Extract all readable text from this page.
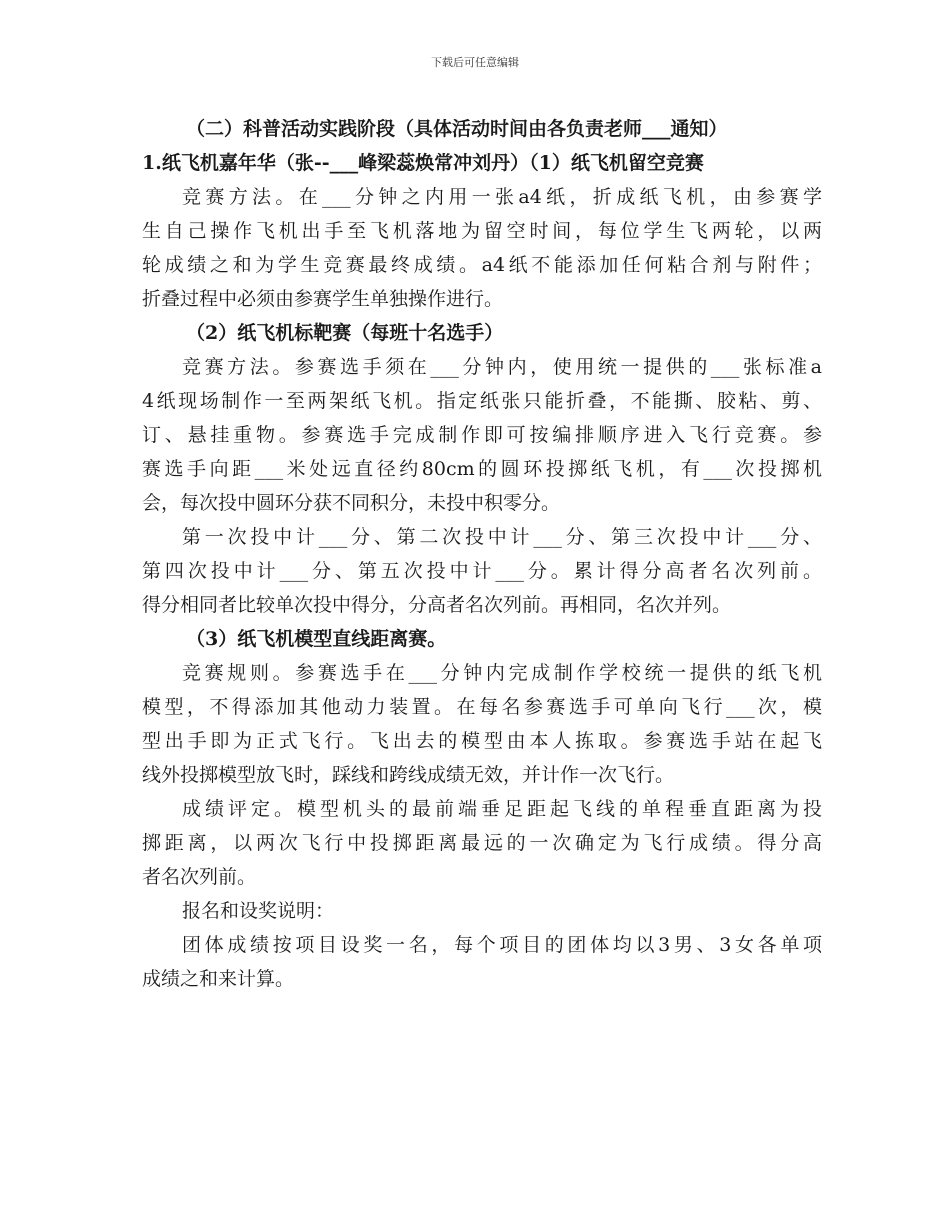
下载后可任意编辑
（二）科普活动实践阶段（具体活动时间由各负责老师___通知）
1.纸飞机嘉年华（张--___峰梁蕊焕常冲刘丹）（1）纸飞机留空竞赛
竞赛方法。在___分钟之内用一张a4纸，折成纸飞机，由参赛学
生自己操作飞机出手至飞机落地为留空时间，每位学生飞两轮，以两
轮成绩之和为学生竞赛最终成绩。a4纸不能添加任何粘合剂与附件；
折叠过程中必须由参赛学生单独操作进行。
（2）纸飞机标靶赛（每班十名选手）
竞赛方法。参赛选手须在___分钟内，使用统一提供的___张标准a
4纸现场制作一至两架纸飞机。指定纸张只能折叠，不能撕、胶粘、剪、
订、悬挂重物。参赛选手完成制作即可按编排顺序进入飞行竞赛。参
赛选手向距___米处远直径约80cm的圆环投掷纸飞机，有___次投掷机
会，每次投中圆环分获不同积分，未投中积零分。
第一次投中计___分、第二次投中计___分、第三次投中计___分、
第四次投中计___分、第五次投中计___分。累计得分高者名次列前。
得分相同者比较单次投中得分，分高者名次列前。再相同，名次并列。
（3）纸飞机模型直线距离赛。
竞赛规则。参赛选手在___分钟内完成制作学校统一提供的纸飞机
模型，不得添加其他动力装置。在每名参赛选手可单向飞行___次，模
型出手即为正式飞行。飞出去的模型由本人拣取。参赛选手站在起飞
线外投掷模型放飞时，踩线和跨线成绩无效，并计作一次飞行。
成绩评定。模型机头的最前端垂足距起飞线的单程垂直距离为投
掷距离，以两次飞行中投掷距离最远的一次确定为飞行成绩。得分高
者名次列前。
报名和设奖说明：
团体成绩按项目设奖一名，每个项目的团体均以3男、3女各单项
成绩之和来计算。
